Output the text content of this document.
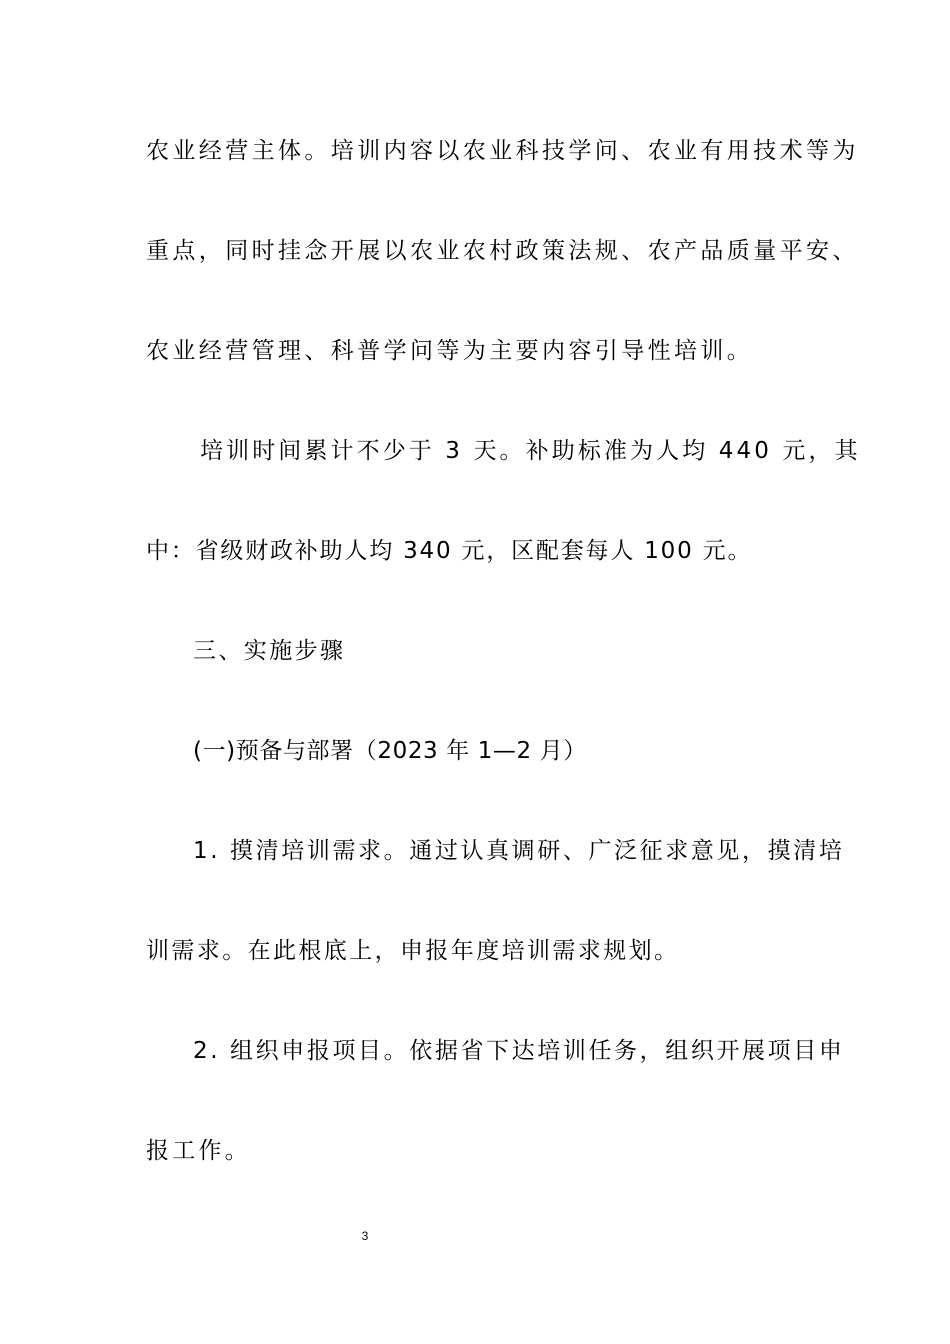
农业经营主体。培训内容以农业科技学问、农业有用技术等为
重点，同时挂念开展以农业农村政策法规、农产品质量平安、
农业经营管理、科普学问等为主要内容引导性培训。
培训时间累计不少于 3 天。补助标准为人均 440 元，其
中：省级财政补助人均 340 元，区配套每人 100 元。
三、实施步骤
(一)预备与部署（2023 年 1—2 月）
1. 摸清培训需求。通过认真调研、广泛征求意见，摸清培
训需求。在此根底上，申报年度培训需求规划。
2. 组织申报项目。依据省下达培训任务，组织开展项目申
报工作。
3
